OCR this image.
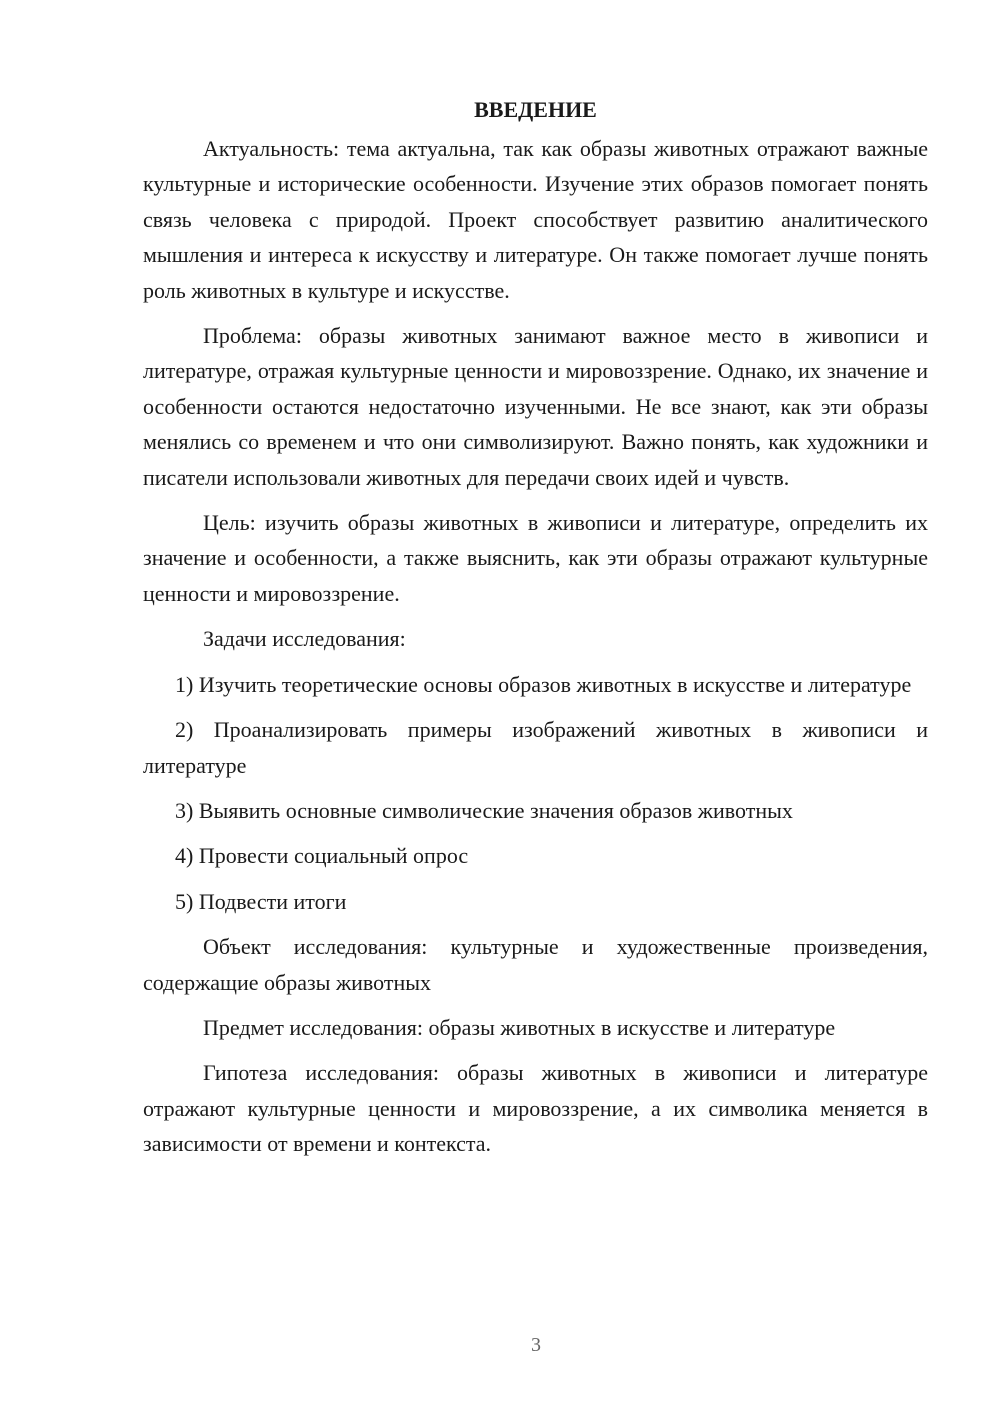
ВВЕДЕНИЕ

Актуальность: тема актуальна, так как образы животных отражают важные культурные и исторические особенности. Изучение этих образов помогает понять связь человека с природой. Проект способствует развитию аналитического мышления и интереса к искусству и литературе. Он также помогает лучше понять роль животных в культуре и искусстве.

Проблема: образы животных занимают важное место в живописи и литературе, отражая культурные ценности и мировоззрение. Однако, их значение и особенности остаются недостаточно изученными. Не все знают, как эти образы менялись со временем и что они символизируют. Важно понять, как художники и писатели использовали животных для передачи своих идей и чувств.

Цель: изучить образы животных в живописи и литературе, определить их значение и особенности, а также выяснить, как эти образы отражают культурные ценности и мировоззрение.

Задачи исследования:

1) Изучить теоретические основы образов животных в искусстве и литературе

2) Проанализировать примеры изображений животных в живописи и литературе

3) Выявить основные символические значения образов животных

4) Провести социальный опрос

5) Подвести итоги

Объект исследования: культурные и художественные произведения, содержащие образы животных

Предмет исследования: образы животных в искусстве и литературе

Гипотеза исследования: образы животных в живописи и литературе отражают культурные ценности и мировоззрение, а их символика меняется в зависимости от времени и контекста.

3
